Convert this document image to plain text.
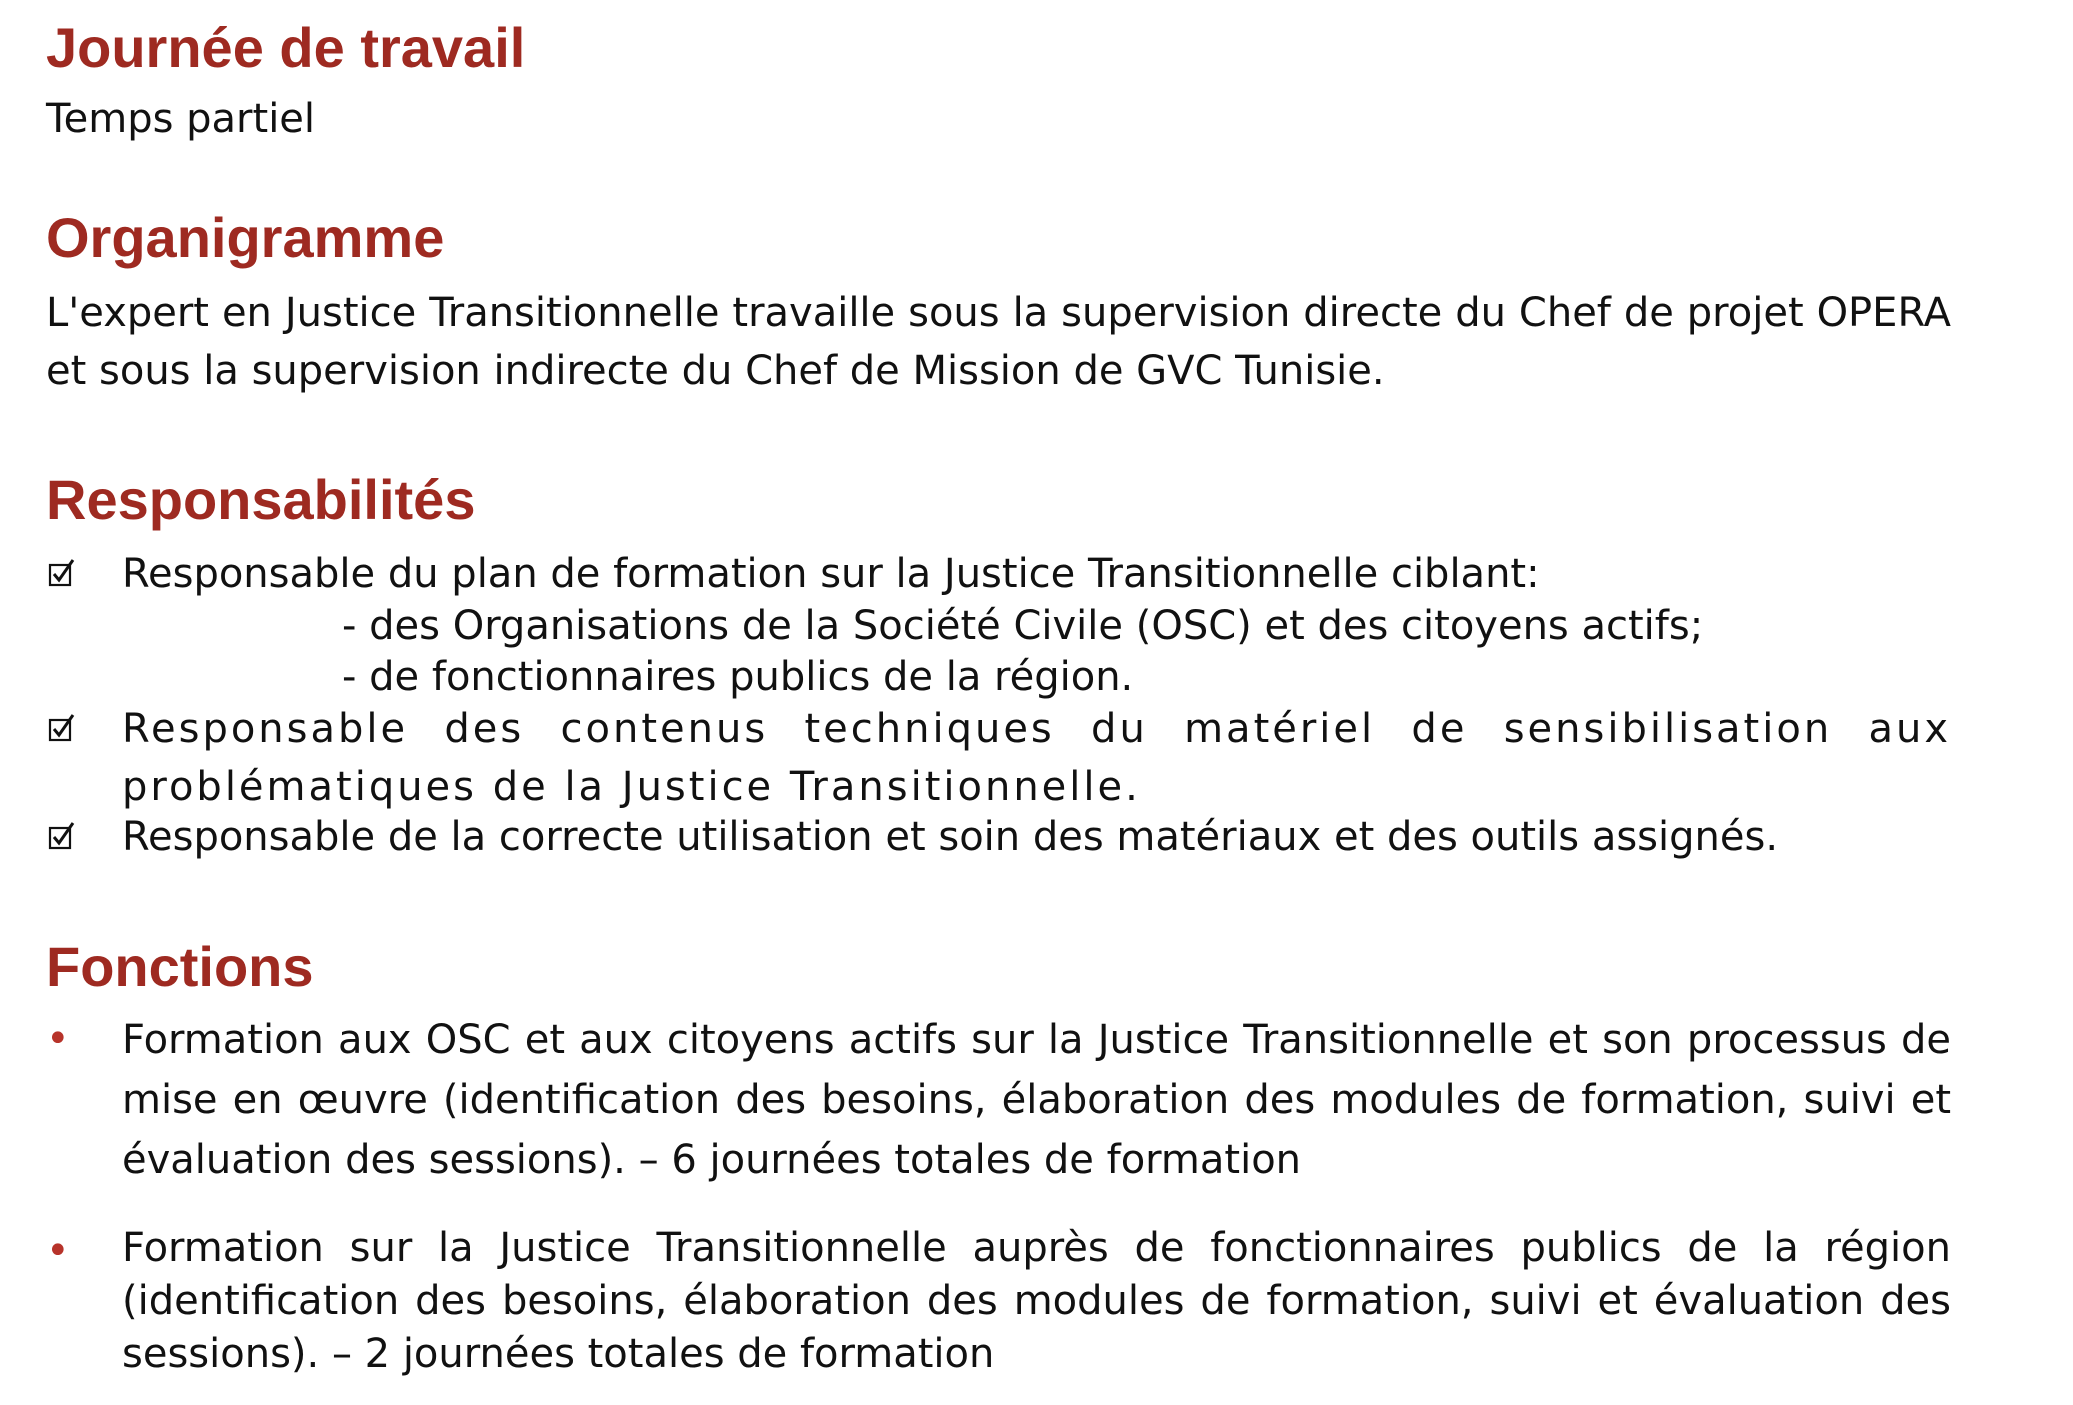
Journée de travail

Temps partiel

Organigramme

L'expert en Justice Transitionnelle travaille sous la supervision directe du Chef de projet OPERA et sous la supervision indirecte du Chef de Mission de GVC Tunisie.

Responsabilités
Responsable du plan de formation sur la Justice Transitionnelle ciblant:
- des Organisations de la Société Civile (OSC) et des citoyens actifs;
- de fonctionnaires publics de la région.
Responsable des contenus techniques du matériel de sensibilisation aux problématiques de la Justice Transitionnelle.
Responsable de la correcte utilisation et soin des matériaux et des outils assignés.
Fonctions
• Formation aux OSC et aux citoyens actifs sur la Justice Transitionnelle et son processus de mise en œuvre (identification des besoins, élaboration des modules de formation, suivi et évaluation des sessions). – 6 journées totales de formation
• Formation sur la Justice Transitionnelle auprès de fonctionnaires publics de la région (identification des besoins, élaboration des modules de formation, suivi et évaluation des sessions). – 2 journées totales de formation
